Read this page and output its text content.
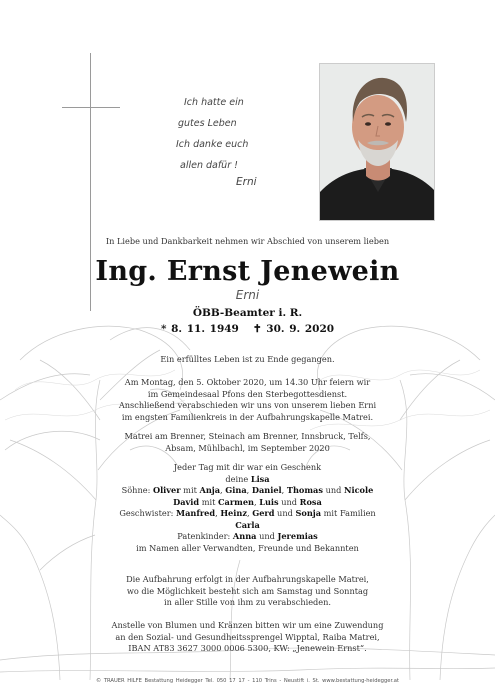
Ich hatte ein
gutes Leben
Ich danke euch
allen dafür !
Erni
In Liebe und Dankbarkeit nehmen wir Abschied von unserem lieben
Ing. Ernst Jenewein
Erni
ÖBB-Beamter i. R.
* 8. 11. 1949 ✝ 30. 9. 2020
Ein erfülltes Leben ist zu Ende gegangen.
Am Montag, den 5. Oktober 2020, um 14.30 Uhr feiern wir
im Gemeindesaal Pfons den Sterbegottesdienst.
Anschließend verabschieden wir uns von unserem lieben Erni
im engsten Familienkreis in der Aufbahrungskapelle Matrei.
Matrei am Brenner, Steinach am Brenner, Innsbruck, Telfs,
Absam, Mühlbachl, im September 2020
Jeder Tag mit dir war ein Geschenk
deine Lisa
Söhne: Oliver mit Anja, Gina, Daniel, Thomas und Nicole
David mit Carmen, Luis und Rosa
Geschwister: Manfred, Heinz, Gerd und Sonja mit Familien
Carla
Patenkinder: Anna und Jeremias
im Namen aller Verwandten, Freunde und Bekannten
Die Aufbahrung erfolgt in der Aufbahrungskapelle Matrei,
wo die Möglichkeit besteht sich am Samstag und Sonntag
in aller Stille von ihm zu verabschieden.
Anstelle von Blumen und Kränzen bitten wir um eine Zuwendung
an den Sozial- und Gesundheitssprengel Wipptal, Raiba Matrei,
IBAN AT83 3627 3000 0006 5300, KW: „Jenewein Ernst“.
© TRAUER HILFE Bestattung Heidegger Tel. 050 17 17 - 110 Trins - Neustift i. St. www.bestattung-heidegger.at
